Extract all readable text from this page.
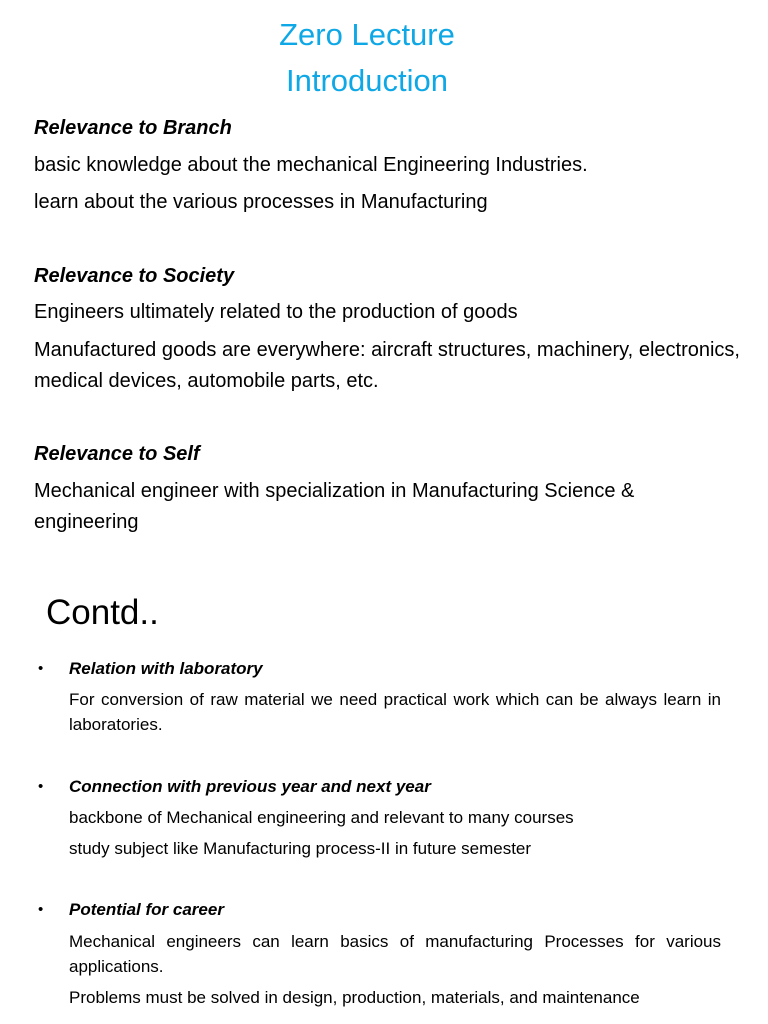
Zero Lecture
Introduction
Relevance to Branch
basic knowledge about the mechanical Engineering Industries.
learn about the various processes in Manufacturing
Relevance to Society
Engineers ultimately related to the production of goods
Manufactured goods are everywhere: aircraft structures, machinery, electronics, medical devices, automobile parts, etc.
Relevance to Self
Mechanical engineer with specialization in Manufacturing Science & engineering
Contd..
• Relation with laboratory
For conversion of raw material we need practical work which can be always learn in laboratories.
• Connection with previous year and next year
backbone of Mechanical engineering and relevant to many courses
study subject like Manufacturing process-II in future semester
• Potential for career
Mechanical engineers can learn basics of manufacturing Processes for various applications.
Problems must be solved in design, production, materials, and maintenance
